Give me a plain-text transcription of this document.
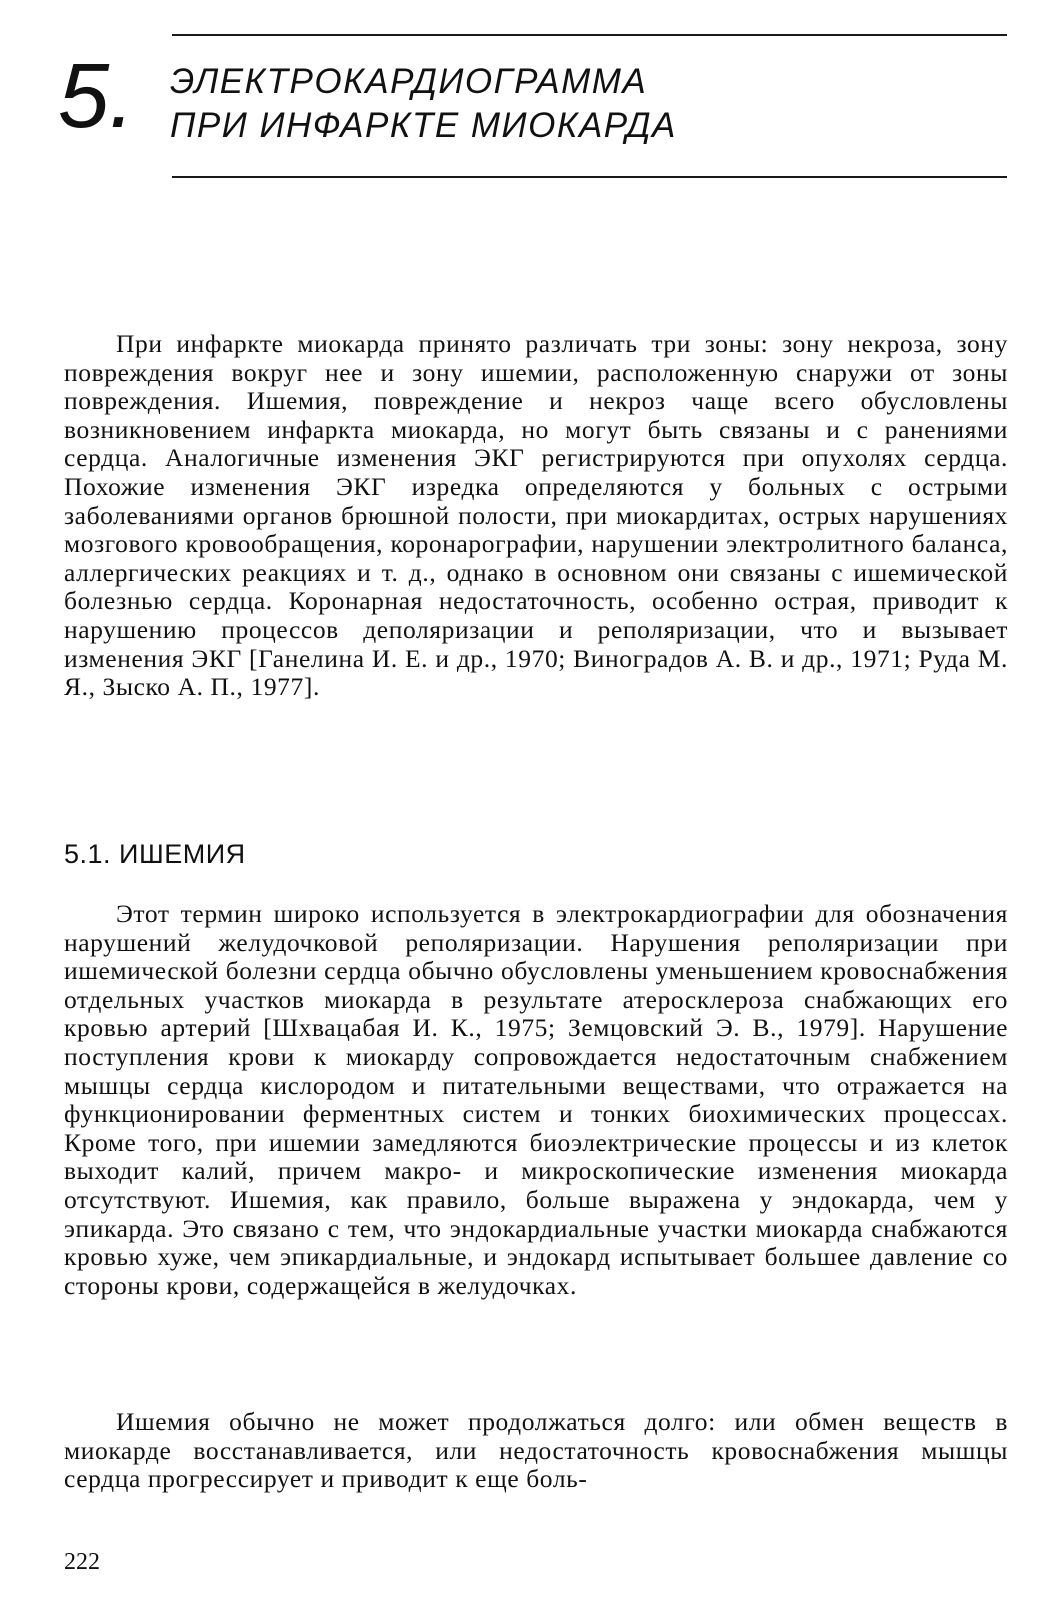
5. ЭЛЕКТРОКАРДИОГРАММА
ПРИ ИНФАРКТЕ МИОКАРДА

При инфаркте миокарда принято различать три зоны: зону некроза, зону повреждения вокруг нее и зону ишемии, расположенную снаружи от зоны повреждения. Ишемия, повреждение и некроз чаще всего обусловлены возникновением инфаркта миокарда, но могут быть связаны и с ранениями сердца. Аналогичные изменения ЭКГ регистрируются при опухолях сердца. Похожие изменения ЭКГ изредка определяются у больных с острыми заболеваниями органов брюшной полости, при миокардитах, острых нарушениях мозгового кровообращения, коронарографии, нарушении электролитного баланса, аллергических реакциях и т. д., однако в основном они связаны с ишемической болезнью сердца. Коронарная недостаточность, особенно острая, приводит к нарушению процессов деполяризации и реполяризации, что и вызывает изменения ЭКГ [Ганелина И. Е. и др., 1970; Виноградов А. В. и др., 1971; Руда М. Я., Зыско А. П., 1977].

5.1. ИШЕМИЯ

Этот термин широко используется в электрокардиографии для обозначения нарушений желудочковой реполяризации. Нарушения реполяризации при ишемической болезни сердца обычно обусловлены уменьшением кровоснабжения отдельных участков миокарда в результате атеросклероза снабжающих его кровью артерий [Шхвацабая И. К., 1975; Земцовский Э. В., 1979]. Нарушение поступления крови к миокарду сопровождается недостаточным снабжением мышцы сердца кислородом и питательными веществами, что отражается на функционировании ферментных систем и тонких биохимических процессах. Кроме того, при ишемии замедляются биоэлектрические процессы и из клеток выходит калий, причем макро- и микроскопические изменения миокарда отсутствуют. Ишемия, как правило, больше выражена у эндокарда, чем у эпикарда. Это связано с тем, что эндокардиальные участки миокарда снабжаются кровью хуже, чем эпикардиальные, и эндокард испытывает большее давление со стороны крови, содержащейся в желудочках.

Ишемия обычно не может продолжаться долго: или обмен веществ в миокарде восстанавливается, или недостаточность кровоснабжения мышцы сердца прогрессирует и приводит к еще боль-

222
